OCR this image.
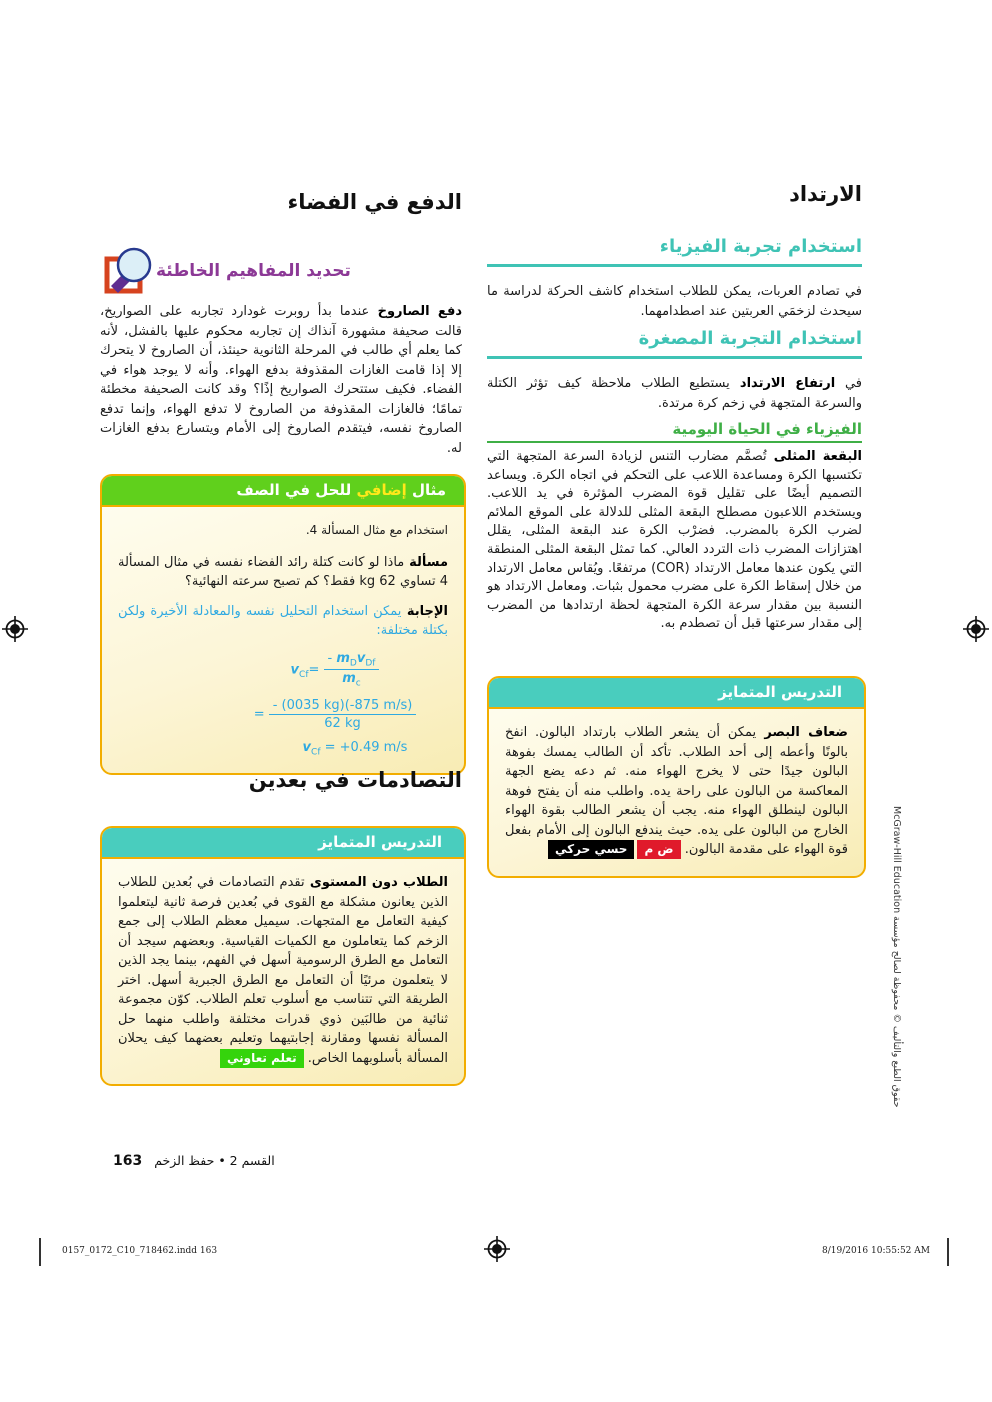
الارتداد
استخدام تجربة الفيزياء

في تصادم العربات، يمكن للطلاب استخدام كاشف الحركة لدراسة ما سيحدث لزخمَي العربتين عند اصطدامهما.

استخدام التجربة المصغرة

في ارتفاع الارتداد يستطيع الطلاب ملاحظة كيف تؤثر الكتلة والسرعة المتجهة في زخم كرة مرتدة.

الفيزياء في الحياة اليومية

البقعة المثلى تُصمَّم مضارب التنس لزيادة السرعة المتجهة التي تكتسبها الكرة ومساعدة اللاعب على التحكم في اتجاه الكرة. ويساعد التصميم أيضًا على تقليل قوة المضرب المؤثرة في يد اللاعب. ويستخدم اللاعبون مصطلح البقعة المثلى للدلالة على الموقع الملائم لضرب الكرة بالمضرب. فضرْب الكرة عند البقعة المثلى، يقلل اهتزازات المضرب ذات التردد العالي. كما تمثل البقعة المثلى المنطقة التي يكون عندها معامل الارتداد (COR) مرتفعًا. ويُقاس معامل الارتداد من خلال إسقاط الكرة على مضرب محمول بثبات. ومعامل الارتداد هو النسبة بين مقدار سرعة الكرة المتجهة لحظة ارتدادها من المضرب إلى مقدار سرعتها قبل أن تصطدم به.

التدريس المتمايز

ضعاف البصر يمكن أن يشعر الطلاب بارتداد البالون. انفخ بالونًا وأعطه إلى أحد الطلاب. تأكد أن الطالب يمسك بفوهة البالون جيدًا حتى لا يخرج الهواء منه. ثم دعه يضع الجهة المعاكسة من البالون على راحة يده. واطلب منه أن يفتح فوهة البالون لينطلق الهواء منه. يجب أن يشعر الطالب بقوة الهواء الخارج من البالون على يده. حيث يندفع البالون إلى الأمام بفعل قوة الهواء على مقدمة البالون. ض محسي حركي

الدفع في الفضاء
تحديد المفاهيم الخاطئة

دفع الصاروخ عندما بدأ روبرت غودارد تجاربه على الصواريخ، قالت صحيفة مشهورة آنذاك إن تجاربه محكوم عليها بالفشل، لأنه كما يعلم أي طالب في المرحلة الثانوية حينئذ، أن الصاروخ لا يتحرك إلا إذا قامت الغازات المقذوفة بدفع الهواء. وأنه لا يوجد هواء في الفضاء. فكيف ستتحرك الصواريخ إذًا؟ وقد كانت الصحيفة مخطئة تمامًا؛ فالغازات المقذوفة من الصاروخ لا تدفع الهواء، وإنما تدفع الصاروخ نفسه، فيتقدم الصاروخ إلى الأمام ويتسارع بدفع الغازات له.

مثال إضافي للحل في الصف

استخدام مع مثال المسألة 4.

مسألة ماذا لو كانت كتلة رائد الفضاء نفسه في مثال المسألة 4 تساوي 62 kg فقط؟ كم تصبح سرعته النهائية؟

الإجابة يمكن استخدام التحليل نفسه والمعادلة الأخيرة ولكن بكتلة مختلفة:

$v_{Cf}= \frac{- m_Dv_{Df}}{m_c}$
= $\frac{- (0035 kg)(-875 m/s)}{62 kg}$
$v_{Cf} = +0.49$ m/s
التصادمات في بعدين
التدريس المتمايز

الطلاب دون المستوى تقدم التصادمات في بُعدين للطلاب الذين يعانون مشكلة مع القوى في بُعدين فرصة ثانية ليتعلموا كيفية التعامل مع المتجهات. سيميل معظم الطلاب إلى جمع الزخم كما يتعاملون مع الكميات القياسية. وبعضهم سيجد أن التعامل مع الطرق الرسومية أسهل في الفهم، بينما يجد الذين لا يتعلمون مرئيًا أن التعامل مع الطرق الجبرية أسهل. اختر الطريقة التي تتناسب مع أسلوب تعلم الطلاب. كوّن مجموعة ثنائية من طالبَين ذوي قدرات مختلفة واطلب منهما حل المسألة نفسها ومقارنة إجابتيهما وتعليم بعضهما كيف يحلان المسألة بأسلوبهما الخاص. تعلم تعاوني

القسم 2 • حفظ الزخم163
0157_0172_C10_718462.indd 163	8/19/2016 10:55:52 AM
حقوق الطبع والتأليف © محفوظة لصالح مؤسسة McGraw-Hill Education
